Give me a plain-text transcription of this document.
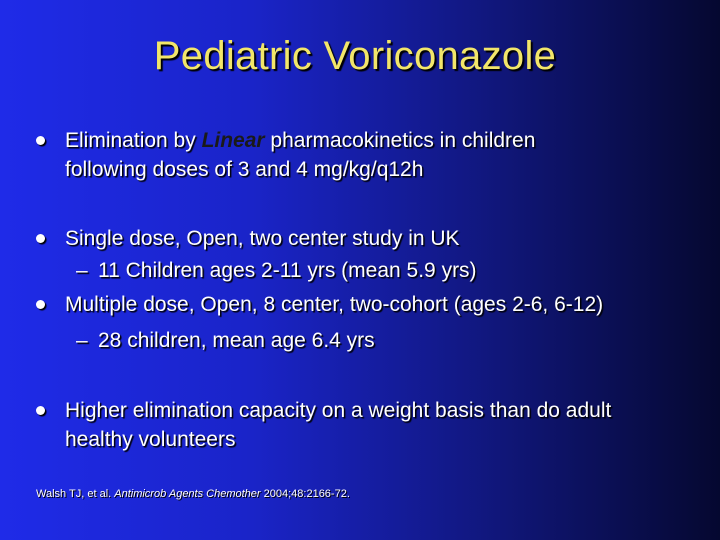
Pediatric Voriconazole
Elimination by Linear pharmacokinetics in children
following doses of 3 and 4 mg/kg/q12h
Single dose, Open, two center study in UK
– 11 Children ages 2-11 yrs (mean 5.9 yrs)
Multiple dose, Open, 8 center, two-cohort (ages 2-6, 6-12)
– 28 children, mean age 6.4 yrs
Higher elimination capacity on a weight basis than do adult
healthy volunteers
Walsh TJ, et al. Antimicrob Agents Chemother 2004;48:2166-72.
